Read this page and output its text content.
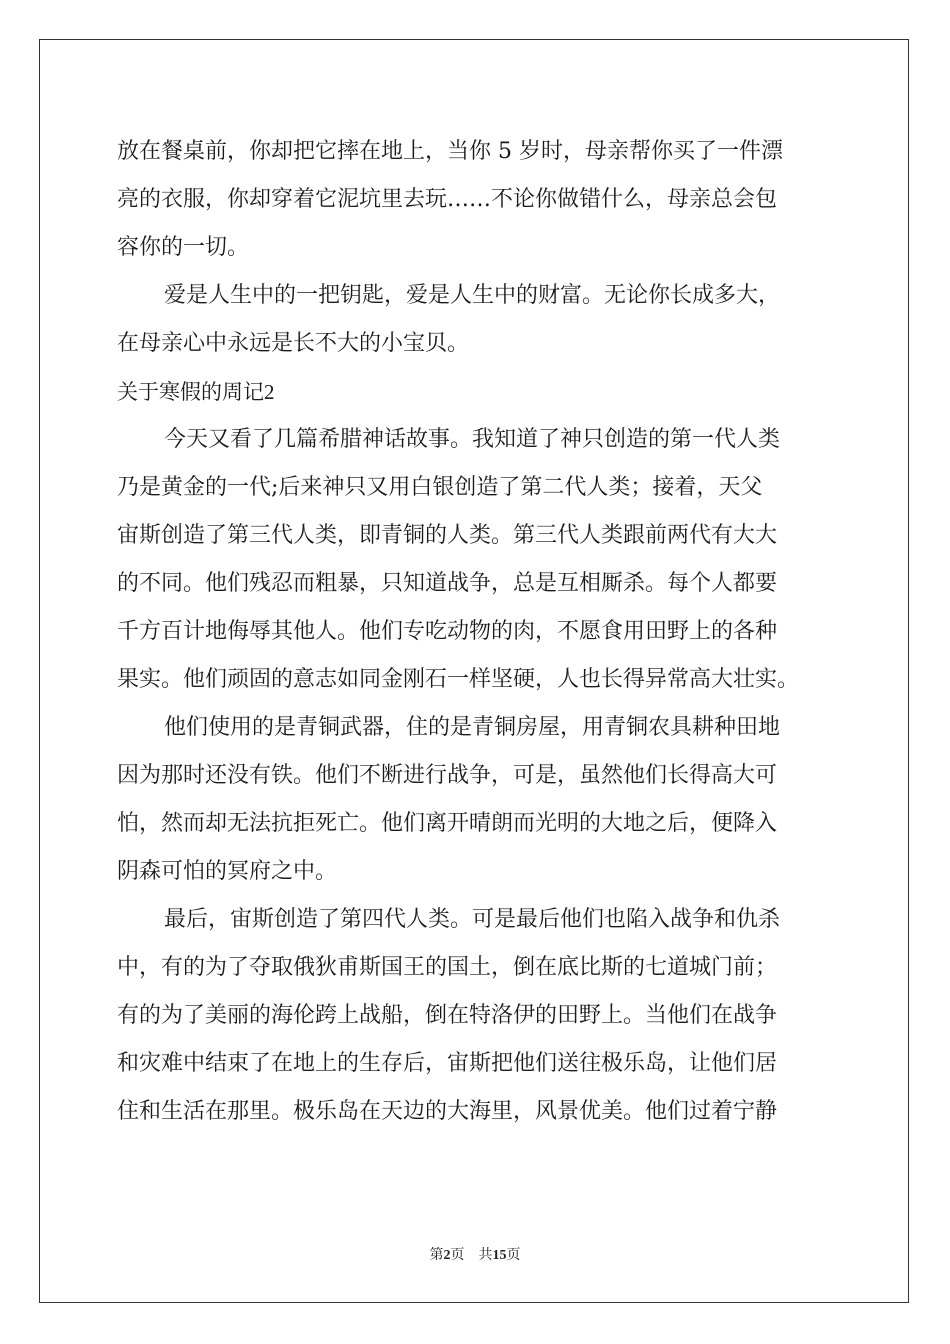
放在餐桌前，你却把它摔在地上，当你 5 岁时，母亲帮你买了一件漂
亮的衣服，你却穿着它泥坑里去玩……不论你做错什么，母亲总会包
容你的一切。
爱是人生中的一把钥匙，爱是人生中的财富。无论你长成多大，
在母亲心中永远是长不大的小宝贝。
关于寒假的周记2
今天又看了几篇希腊神话故事。我知道了神只创造的第一代人类
乃是黄金的一代;后来神只又用白银创造了第二代人类；接着，天父
宙斯创造了第三代人类，即青铜的人类。第三代人类跟前两代有大大
的不同。他们残忍而粗暴，只知道战争，总是互相厮杀。每个人都要
千方百计地侮辱其他人。他们专吃动物的肉，不愿食用田野上的各种
果实。他们顽固的意志如同金刚石一样坚硬，人也长得异常高大壮实。
他们使用的是青铜武器，住的是青铜房屋，用青铜农具耕种田地
因为那时还没有铁。他们不断进行战争，可是，虽然他们长得高大可
怕，然而却无法抗拒死亡。他们离开晴朗而光明的大地之后，便降入
阴森可怕的冥府之中。
最后，宙斯创造了第四代人类。可是最后他们也陷入战争和仇杀
中，有的为了夺取俄狄甫斯国王的国土，倒在底比斯的七道城门前；
有的为了美丽的海伦跨上战船，倒在特洛伊的田野上。当他们在战争
和灾难中结束了在地上的生存后，宙斯把他们送往极乐岛，让他们居
住和生活在那里。极乐岛在天边的大海里，风景优美。他们过着宁静
第2页 共15页
